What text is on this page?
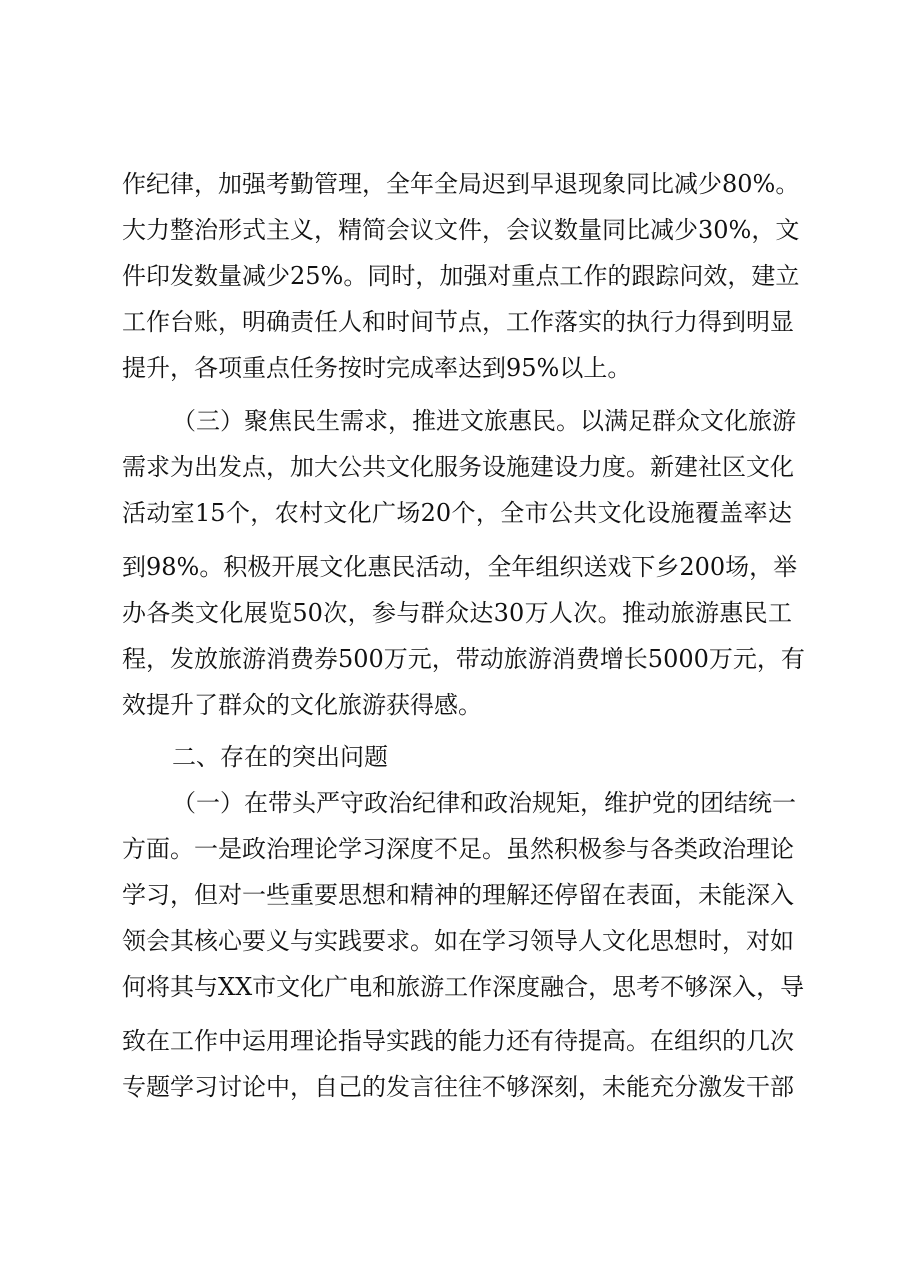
作纪律，加强考勤管理，全年全局迟到早退现象同比减少80%。
大力整治形式主义，精简会议文件，会议数量同比减少30%，文
件印发数量减少25%。同时，加强对重点工作的跟踪问效，建立
工作台账，明确责任人和时间节点，工作落实的执行力得到明显
提升，各项重点任务按时完成率达到95%以上。
（三）聚焦民生需求，推进文旅惠民。以满足群众文化旅游
需求为出发点，加大公共文化服务设施建设力度。新建社区文化
活动室15个，农村文化广场20个，全市公共文化设施覆盖率达
到98%。积极开展文化惠民活动，全年组织送戏下乡200场，举
办各类文化展览50次，参与群众达30万人次。推动旅游惠民工
程，发放旅游消费券500万元，带动旅游消费增长5000万元，有
效提升了群众的文化旅游获得感。
二、存在的突出问题
（一）在带头严守政治纪律和政治规矩，维护党的团结统一
方面。一是政治理论学习深度不足。虽然积极参与各类政治理论
学习，但对一些重要思想和精神的理解还停留在表面，未能深入
领会其核心要义与实践要求。如在学习领导人文化思想时，对如
何将其与XX市文化广电和旅游工作深度融合，思考不够深入，导
致在工作中运用理论指导实践的能力还有待提高。在组织的几次
专题学习讨论中，自己的发言往往不够深刻，未能充分激发干部
